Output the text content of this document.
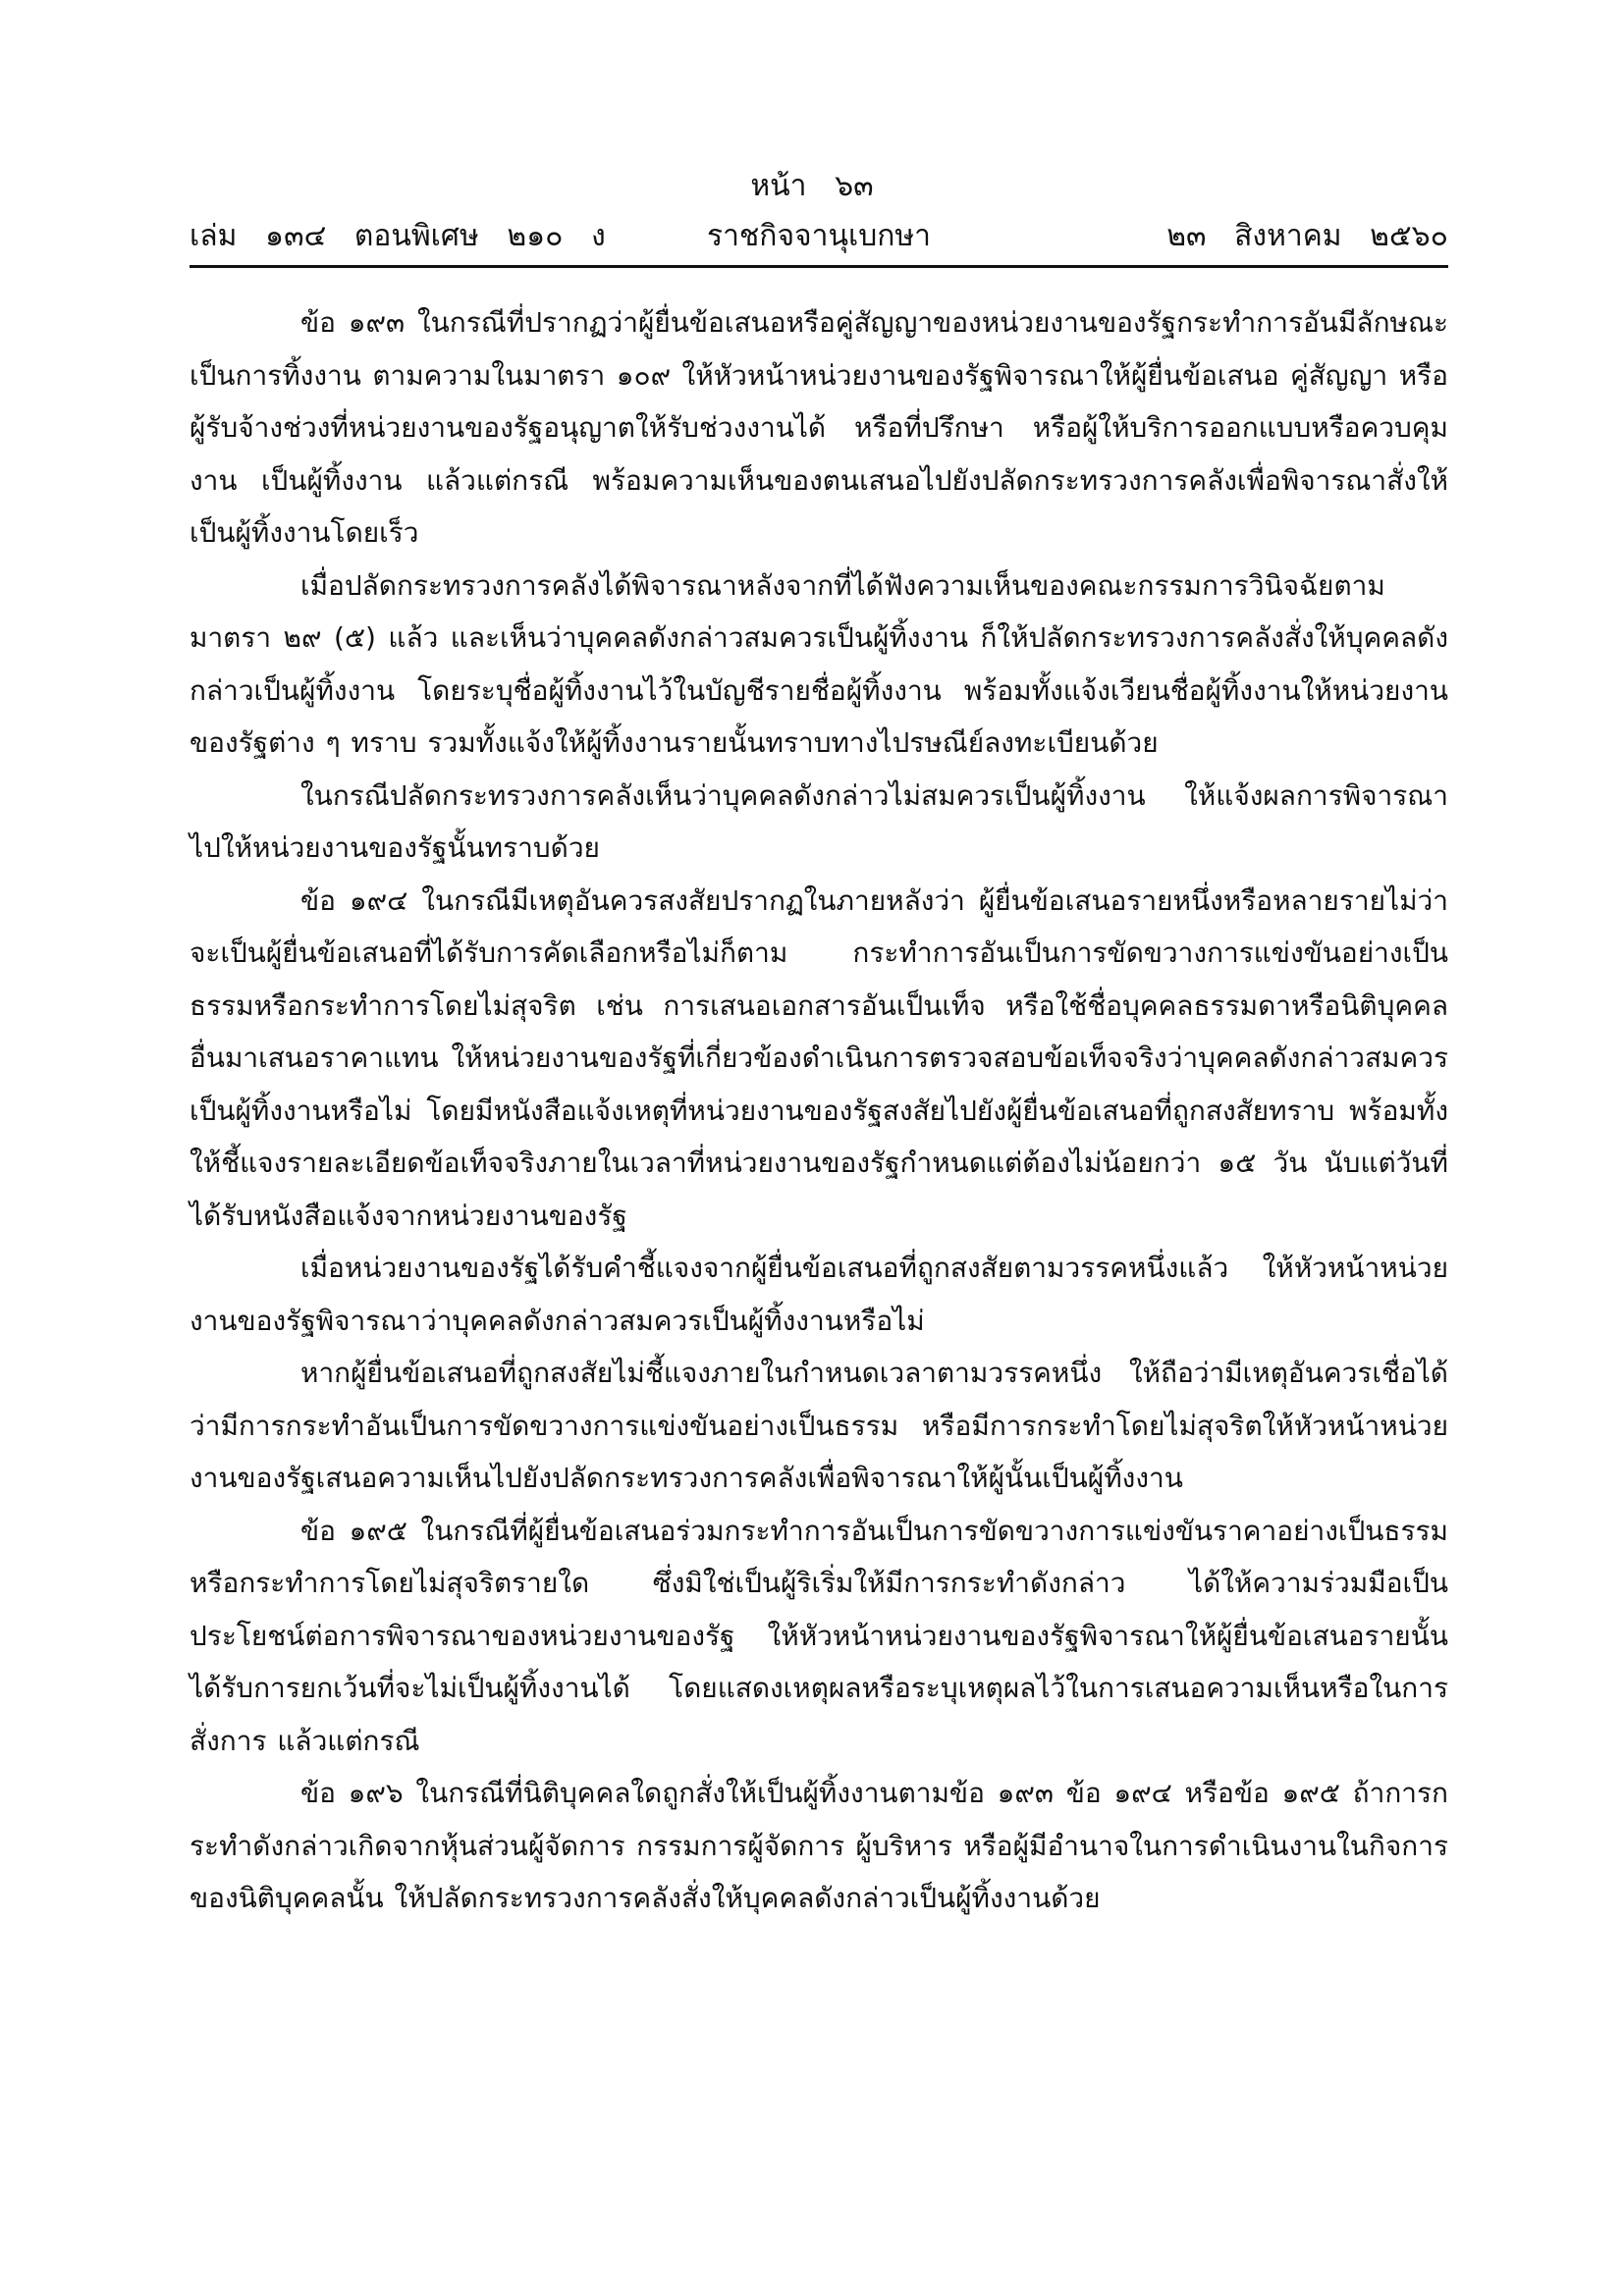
หน้า   ๖๓
ราชกิจจานุเบกษา
เล่ม   ๑๓๔   ตอนพิเศษ   ๒๑๐   ง	๒๓   สิงหาคม   ๒๕๖๐

ข้อ ๑๙๓ ในกรณีที่ปรากฏว่าผู้ยื่นข้อเสนอหรือคู่สัญญาของหน่วยงานของรัฐกระทำการอันมีลักษณะเป็นการทิ้งงาน ตามความในมาตรา ๑๐๙ ให้หัวหน้าหน่วยงานของรัฐพิจารณาให้ผู้ยื่นข้อเสนอ คู่สัญญา หรือผู้รับจ้างช่วงที่หน่วยงานของรัฐอนุญาตให้รับช่วงงานได้ หรือที่ปรึกษา หรือผู้ให้บริการออกแบบหรือควบคุมงาน เป็นผู้ทิ้งงาน แล้วแต่กรณี พร้อมความเห็นของตนเสนอไปยังปลัดกระทรวงการคลังเพื่อพิจารณาสั่งให้เป็นผู้ทิ้งงานโดยเร็ว

เมื่อปลัดกระทรวงการคลังได้พิจารณาหลังจากที่ได้ฟังความเห็นของคณะกรรมการวินิจฉัยตามมาตรา ๒๙ (๕) แล้ว และเห็นว่าบุคคลดังกล่าวสมควรเป็นผู้ทิ้งงาน ก็ให้ปลัดกระทรวงการคลังสั่งให้บุคคลดังกล่าวเป็นผู้ทิ้งงาน โดยระบุชื่อผู้ทิ้งงานไว้ในบัญชีรายชื่อผู้ทิ้งงาน พร้อมทั้งแจ้งเวียนชื่อผู้ทิ้งงานให้หน่วยงานของรัฐต่าง ๆ ทราบ รวมทั้งแจ้งให้ผู้ทิ้งงานรายนั้นทราบทางไปรษณีย์ลงทะเบียนด้วย

ในกรณีปลัดกระทรวงการคลังเห็นว่าบุคคลดังกล่าวไม่สมควรเป็นผู้ทิ้งงาน ให้แจ้งผลการพิจารณาไปให้หน่วยงานของรัฐนั้นทราบด้วย

ข้อ ๑๙๔ ในกรณีมีเหตุอันควรสงสัยปรากฏในภายหลังว่า ผู้ยื่นข้อเสนอรายหนึ่งหรือหลายรายไม่ว่าจะเป็นผู้ยื่นข้อเสนอที่ได้รับการคัดเลือกหรือไม่ก็ตาม กระทำการอันเป็นการขัดขวางการแข่งขันอย่างเป็นธรรมหรือกระทำการโดยไม่สุจริต เช่น การเสนอเอกสารอันเป็นเท็จ หรือใช้ชื่อบุคคลธรรมดาหรือนิติบุคคลอื่นมาเสนอราคาแทน ให้หน่วยงานของรัฐที่เกี่ยวข้องดำเนินการตรวจสอบข้อเท็จจริงว่าบุคคลดังกล่าวสมควรเป็นผู้ทิ้งงานหรือไม่ โดยมีหนังสือแจ้งเหตุที่หน่วยงานของรัฐสงสัยไปยังผู้ยื่นข้อเสนอที่ถูกสงสัยทราบ พร้อมทั้งให้ชี้แจงรายละเอียดข้อเท็จจริงภายในเวลาที่หน่วยงานของรัฐกำหนดแต่ต้องไม่น้อยกว่า ๑๕ วัน นับแต่วันที่ได้รับหนังสือแจ้งจากหน่วยงานของรัฐ

เมื่อหน่วยงานของรัฐได้รับคำชี้แจงจากผู้ยื่นข้อเสนอที่ถูกสงสัยตามวรรคหนึ่งแล้ว ให้หัวหน้าหน่วยงานของรัฐพิจารณาว่าบุคคลดังกล่าวสมควรเป็นผู้ทิ้งงานหรือไม่

หากผู้ยื่นข้อเสนอที่ถูกสงสัยไม่ชี้แจงภายในกำหนดเวลาตามวรรคหนึ่ง ให้ถือว่ามีเหตุอันควรเชื่อได้ว่ามีการกระทำอันเป็นการขัดขวางการแข่งขันอย่างเป็นธรรม หรือมีการกระทำโดยไม่สุจริตให้หัวหน้าหน่วยงานของรัฐเสนอความเห็นไปยังปลัดกระทรวงการคลังเพื่อพิจารณาให้ผู้นั้นเป็นผู้ทิ้งงาน

ข้อ ๑๙๕ ในกรณีที่ผู้ยื่นข้อเสนอร่วมกระทำการอันเป็นการขัดขวางการแข่งขันราคาอย่างเป็นธรรมหรือกระทำการโดยไม่สุจริตรายใด ซึ่งมิใช่เป็นผู้ริเริ่มให้มีการกระทำดังกล่าว ได้ให้ความร่วมมือเป็นประโยชน์ต่อการพิจารณาของหน่วยงานของรัฐ ให้หัวหน้าหน่วยงานของรัฐพิจารณาให้ผู้ยื่นข้อเสนอรายนั้นได้รับการยกเว้นที่จะไม่เป็นผู้ทิ้งงานได้ โดยแสดงเหตุผลหรือระบุเหตุผลไว้ในการเสนอความเห็นหรือในการสั่งการ แล้วแต่กรณี

ข้อ ๑๙๖ ในกรณีที่นิติบุคคลใดถูกสั่งให้เป็นผู้ทิ้งงานตามข้อ ๑๙๓ ข้อ ๑๙๔ หรือข้อ ๑๙๕ ถ้าการกระทำดังกล่าวเกิดจากหุ้นส่วนผู้จัดการ กรรมการผู้จัดการ ผู้บริหาร หรือผู้มีอำนาจในการดำเนินงานในกิจการของนิติบุคคลนั้น ให้ปลัดกระทรวงการคลังสั่งให้บุคคลดังกล่าวเป็นผู้ทิ้งงานด้วย
